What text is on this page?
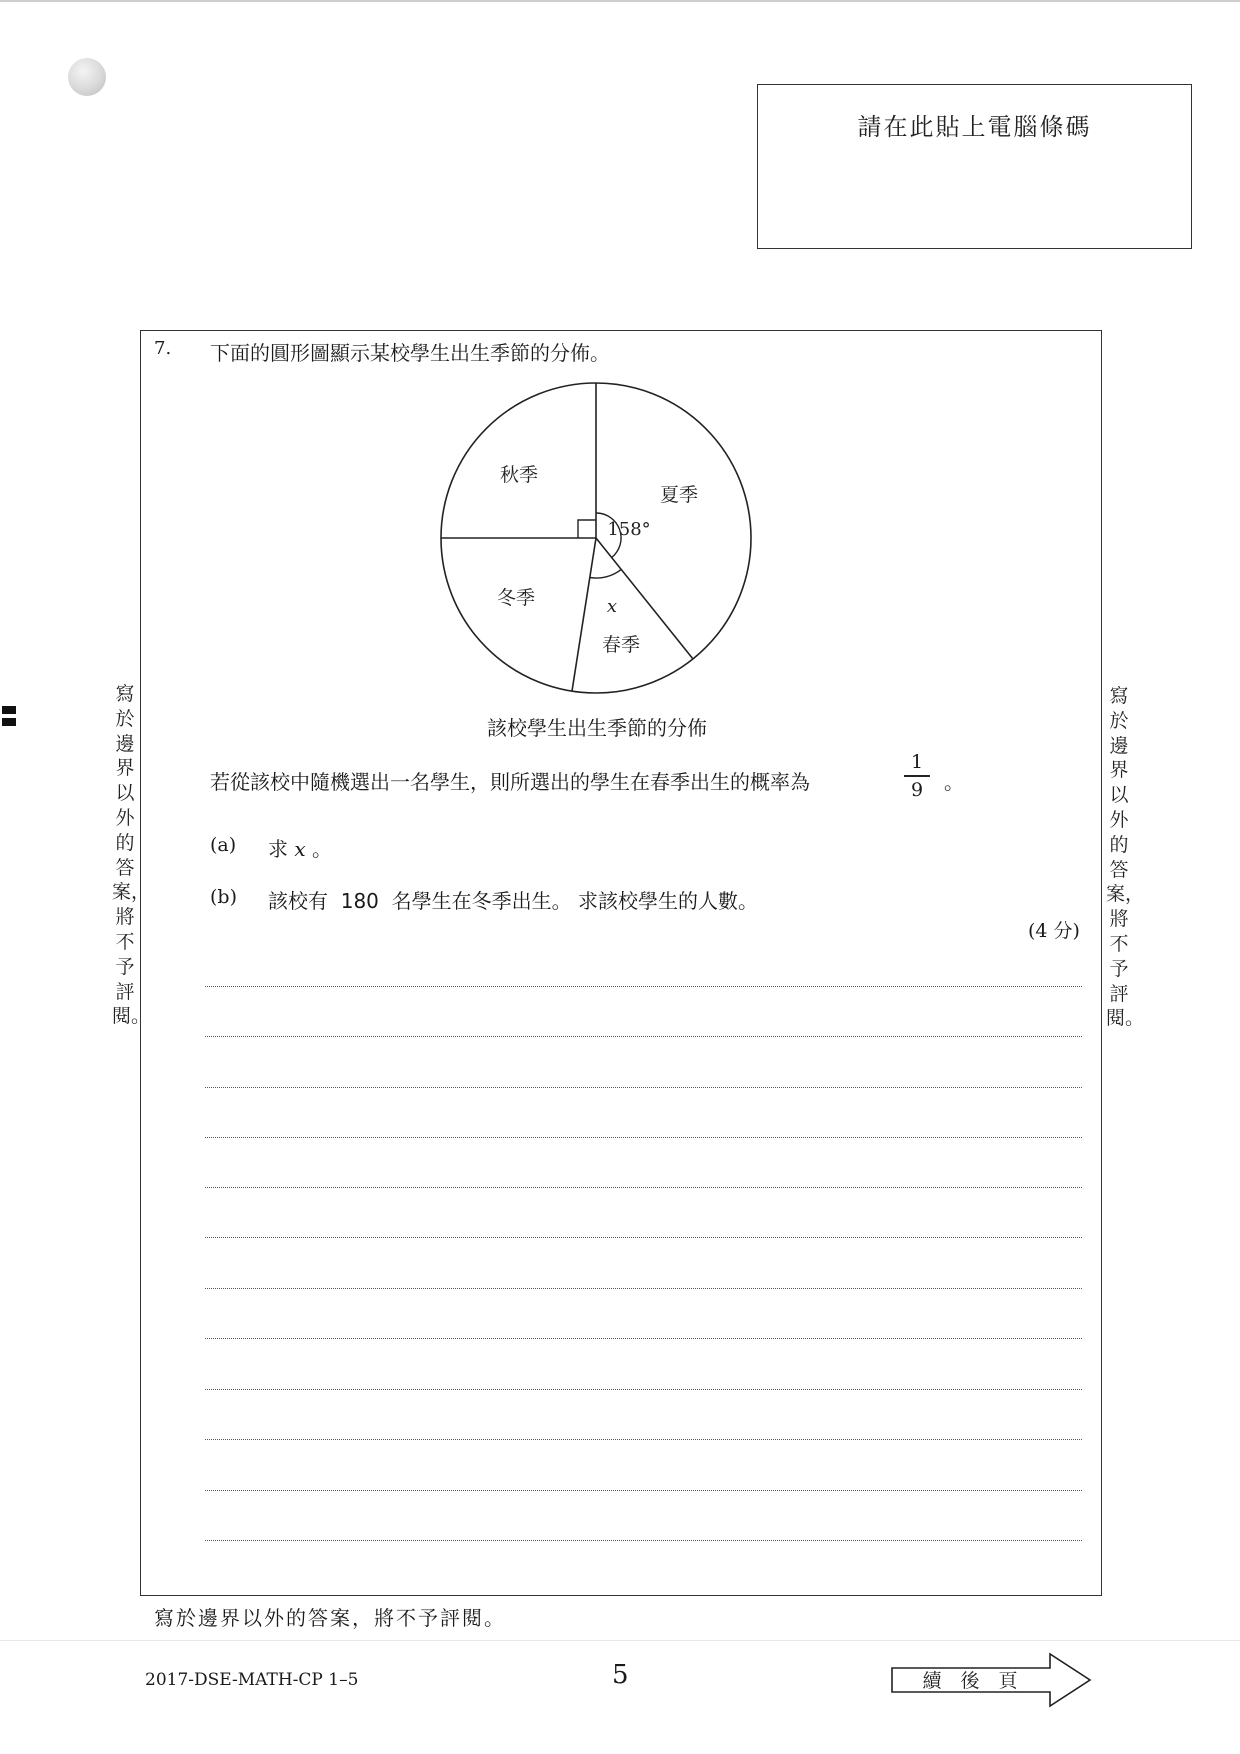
請在此貼上電腦條碼
寫於邊界以外的答案，將不予評閱。
寫於邊界以外的答案，將不予評閱。
7. 下面的圓形圖顯示某校學生出生季節的分佈。
秋季
夏季
158°
冬季	x
春季
該校學生出生季節的分佈
若從該校中隨機選出一名學生，則所選出的學生在春季出生的概率為
1
9	。
(a) 求 x 。
(b) 該校有  180  名學生在冬季出生。 求該校學生的人數。
(4 分)
寫於邊界以外的答案，將不予評閱。
2017-DSE-MATH-CP 1–5	5	續　後　頁
